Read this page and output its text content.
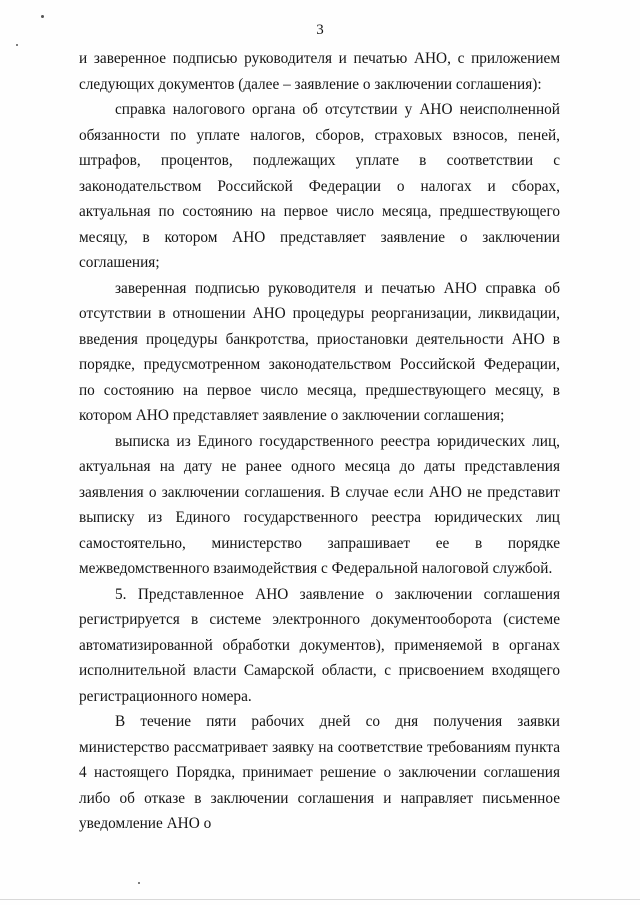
3

и заверенное подписью руководителя и печатью АНО, с приложением следующих документов (далее – заявление о заключении соглашения):

справка налогового органа об отсутствии у АНО неисполненной обязанности по уплате налогов, сборов, страховых взносов, пеней, штрафов, процентов, подлежащих уплате в соответствии с законодательством Российской Федерации о налогах и сборах, актуальная по состоянию на первое число месяца, предшествующего месяцу, в котором АНО представляет заявление о заключении соглашения;

заверенная подписью руководителя и печатью АНО справка об отсутствии в отношении АНО процедуры реорганизации, ликвидации, введения процедуры банкротства, приостановки деятельности АНО в порядке, предусмотренном законодательством Российской Федерации, по состоянию на первое число месяца, предшествующего месяцу, в котором АНО представляет заявление о заключении соглашения;

выписка из Единого государственного реестра юридических лиц, актуальная на дату не ранее одного месяца до даты представления заявления о заключении соглашения. В случае если АНО не представит выписку из Единого государственного реестра юридических лиц самостоятельно, министерство запрашивает ее в порядке межведомственного взаимодействия с Федеральной налоговой службой.

5. Представленное АНО заявление о заключении соглашения регистрируется в системе электронного документооборота (системе автоматизированной обработки документов), применяемой в органах исполнительной власти Самарской области, с присвоением входящего регистрационного номера.

В течение пяти рабочих дней со дня получения заявки министерство рассматривает заявку на соответствие требованиям пункта 4 настоящего Порядка, принимает решение о заключении соглашения либо об отказе в заключении соглашения и направляет письменное уведомление АНО о
